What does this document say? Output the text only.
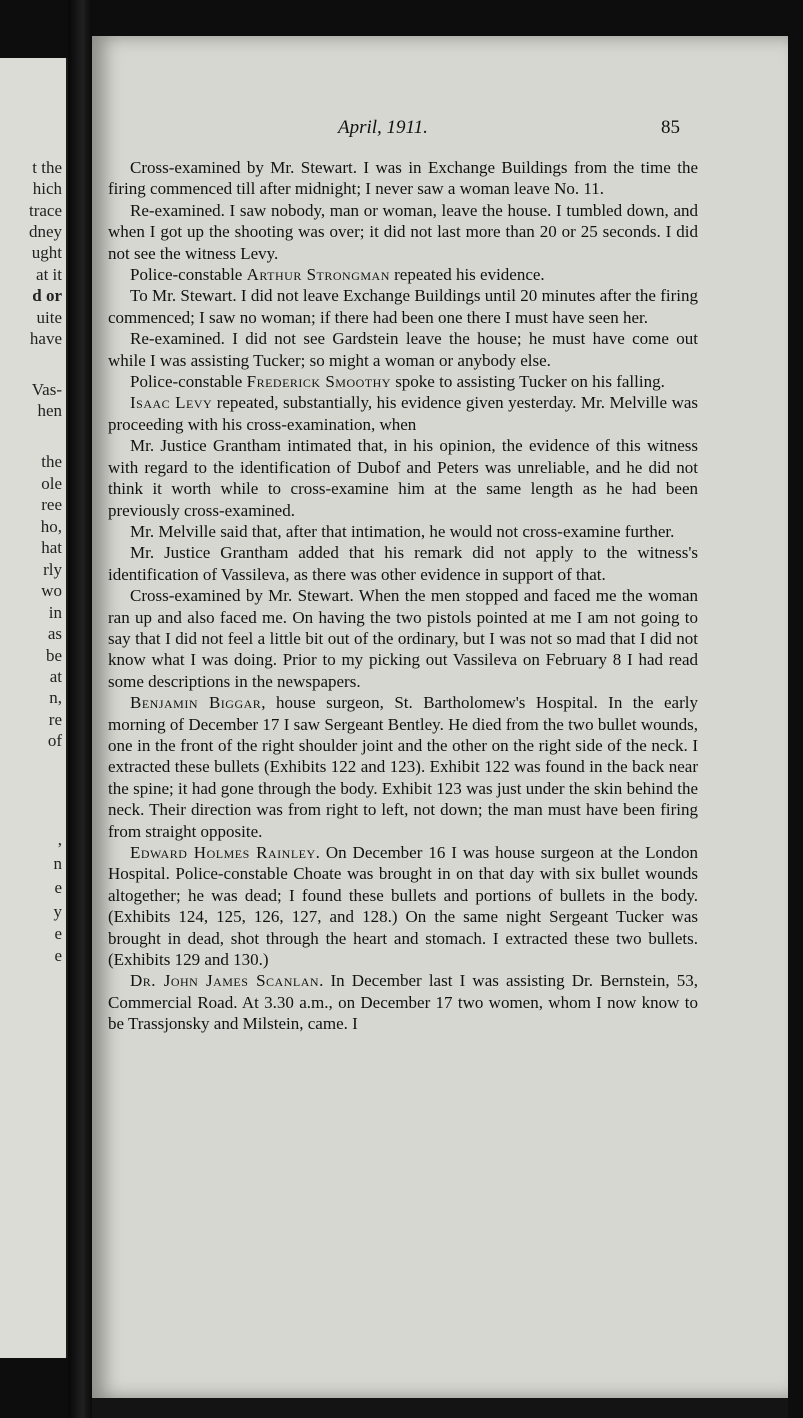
t the

hich

trace

dney

ught

at it

d or

uite

have

Vas-

hen

the

ole

ree

ho,

hat

rly

wo

in

as

be

at

n,

re

of

,

n

e

y

e

e

April, 1911.	85

Cross-examined by Mr. Stewart. I was in Exchange Buildings from the time the firing commenced till after midnight; I never saw a woman leave No. 11.

Re-examined. I saw nobody, man or woman, leave the house. I tumbled down, and when I got up the shooting was over; it did not last more than 20 or 25 seconds. I did not see the witness Levy.

Police-constable Arthur Strongman repeated his evidence.

To Mr. Stewart. I did not leave Exchange Buildings until 20 minutes after the firing commenced; I saw no woman; if there had been one there I must have seen her.

Re-examined. I did not see Gardstein leave the house; he must have come out while I was assisting Tucker; so might a woman or anybody else.

Police-constable Frederick Smoothy spoke to assisting Tucker on his falling.

Isaac Levy repeated, substantially, his evidence given yesterday. Mr. Melville was proceeding with his cross-examination, when

Mr. Justice Grantham intimated that, in his opinion, the evidence of this witness with regard to the identification of Dubof and Peters was unreliable, and he did not think it worth while to cross-examine him at the same length as he had been previously cross-examined.

Mr. Melville said that, after that intimation, he would not cross-examine further.

Mr. Justice Grantham added that his remark did not apply to the witness's identification of Vassileva, as there was other evidence in support of that.

Cross-examined by Mr. Stewart. When the men stopped and faced me the woman ran up and also faced me. On having the two pistols pointed at me I am not going to say that I did not feel a little bit out of the ordinary, but I was not so mad that I did not know what I was doing. Prior to my picking out Vassileva on February 8 I had read some descriptions in the newspapers.

Benjamin Biggar, house surgeon, St. Bartholomew's Hospital. In the early morning of December 17 I saw Sergeant Bentley. He died from the two bullet wounds, one in the front of the right shoulder joint and the other on the right side of the neck. I extracted these bullets (Exhibits 122 and 123). Exhibit 122 was found in the back near the spine; it had gone through the body. Exhibit 123 was just under the skin behind the neck. Their direction was from right to left, not down; the man must have been firing from straight opposite.

Edward Holmes Rainley. On December 16 I was house surgeon at the London Hospital. Police-constable Choate was brought in on that day with six bullet wounds altogether; he was dead; I found these bullets and portions of bullets in the body. (Exhibits 124, 125, 126, 127, and 128.) On the same night Sergeant Tucker was brought in dead, shot through the heart and stomach. I extracted these two bullets. (Exhibits 129 and 130.)

Dr. John James Scanlan. In December last I was assisting Dr. Bernstein, 53, Commercial Road. At 3.30 a.m., on December 17 two women, whom I now know to be Trassjonsky and Milstein, came. I
